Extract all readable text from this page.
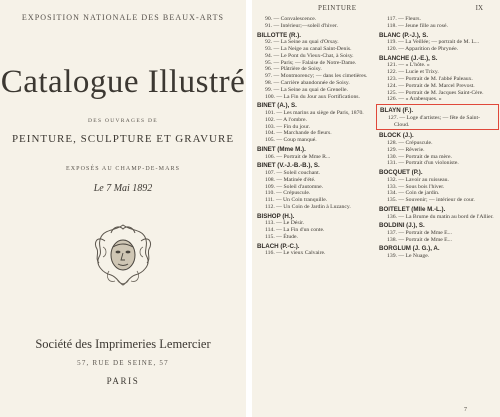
EXPOSITION NATIONALE DES BEAUX-ARTS
Catalogue Illustré
DES OUVRAGES DE
PEINTURE, SCULPTURE ET GRAVURE
EXPOSÉS AU CHAMP-DE-MARS
Le 7 Mai 1892
Société des Imprimeries Lemercier
57, RUE DE SEINE, 57
PARIS
PEINTURE	IX
90. — Convalescence.
91. — Intérieur;—soleil d'hiver.
BILLOTTE (R.).
92. — La Seine au quai d'Orsay.
93. — La Neige au canal Saint-Denis.
94. — Le Pont du Vieux-Chat, à Soisy.
95. — Paris; — Falaise de Notre-Dame.
96. — Plâtrière de Soisy.
97. — Montmorency; — dans les cimetières.
98. — Carrière abandonnée de Soisy.
99. — La Seine au quai de Grenelle.
100. — La Fin du Jour aux Fortifications.
BINET (A.), S.
101. — Les marins au siège de Paris, 1870.
102. — A l'ombre.
103. — Fin du jour.
104. — Marchande de fleurs.
105. — Coup manqué.
BINET (Mme M.).
106. — Portrait de Mme R...
BINET (V.-J.-B.-B.), S.
107. — Soleil couchant.
108. — Matinée d'été.
109. — Soleil d'automne.
110. — Crépuscule.
111. — Un Coin tranquille.
112. — Un Coin de Jardin à Luzancy.
BISHOP (H.).
113. — Le Désir.
114. — La Fin d'un conte.
115. — Étude.
BLACH (P.-C.).
116. — Le vieux Calvaire.
117. — Fleurs.
118. — Jeune fille au rosé.
BLANC (P.-J.), S.
119. — La Veillée; — portrait de M. L...
120. — Apparition de Phrynée.
BLANCHE (J.-E.), S.
121. — « L'hôte. »
122. — Lucie et Trixy.
123. — Portrait de M. l'abbé Paleaux.
124. — Portrait de M. Marcel Prevost.
125. — Portrait de M. Jacques Saint-Cère.
126. — « Arabesques. »
BLAYN (F.).
127. — Loge d'artistes; — fête de Saint-Cloud.
BLOCK (J.).
128. — Crépuscule.
129. — Rêverie.
130. — Portrait de ma mère.
131. — Portrait d'un violoniste.
BOCQUET (P.).
132. — Lavoir au ruisseau.
133. — Sous bois l'hiver.
134. — Coin de jardin.
135. — Souvenir; — intérieur de cour.
BOITELET (Mlle M.-L.).
136. — La Brume du matin au bord de l'Allier.
BOLDINI (J.), S.
137. — Portrait de Mme E...
138. — Portrait de Mme E...
BORGLUM (J. G.), A.
139. — Le Nuage.
7
